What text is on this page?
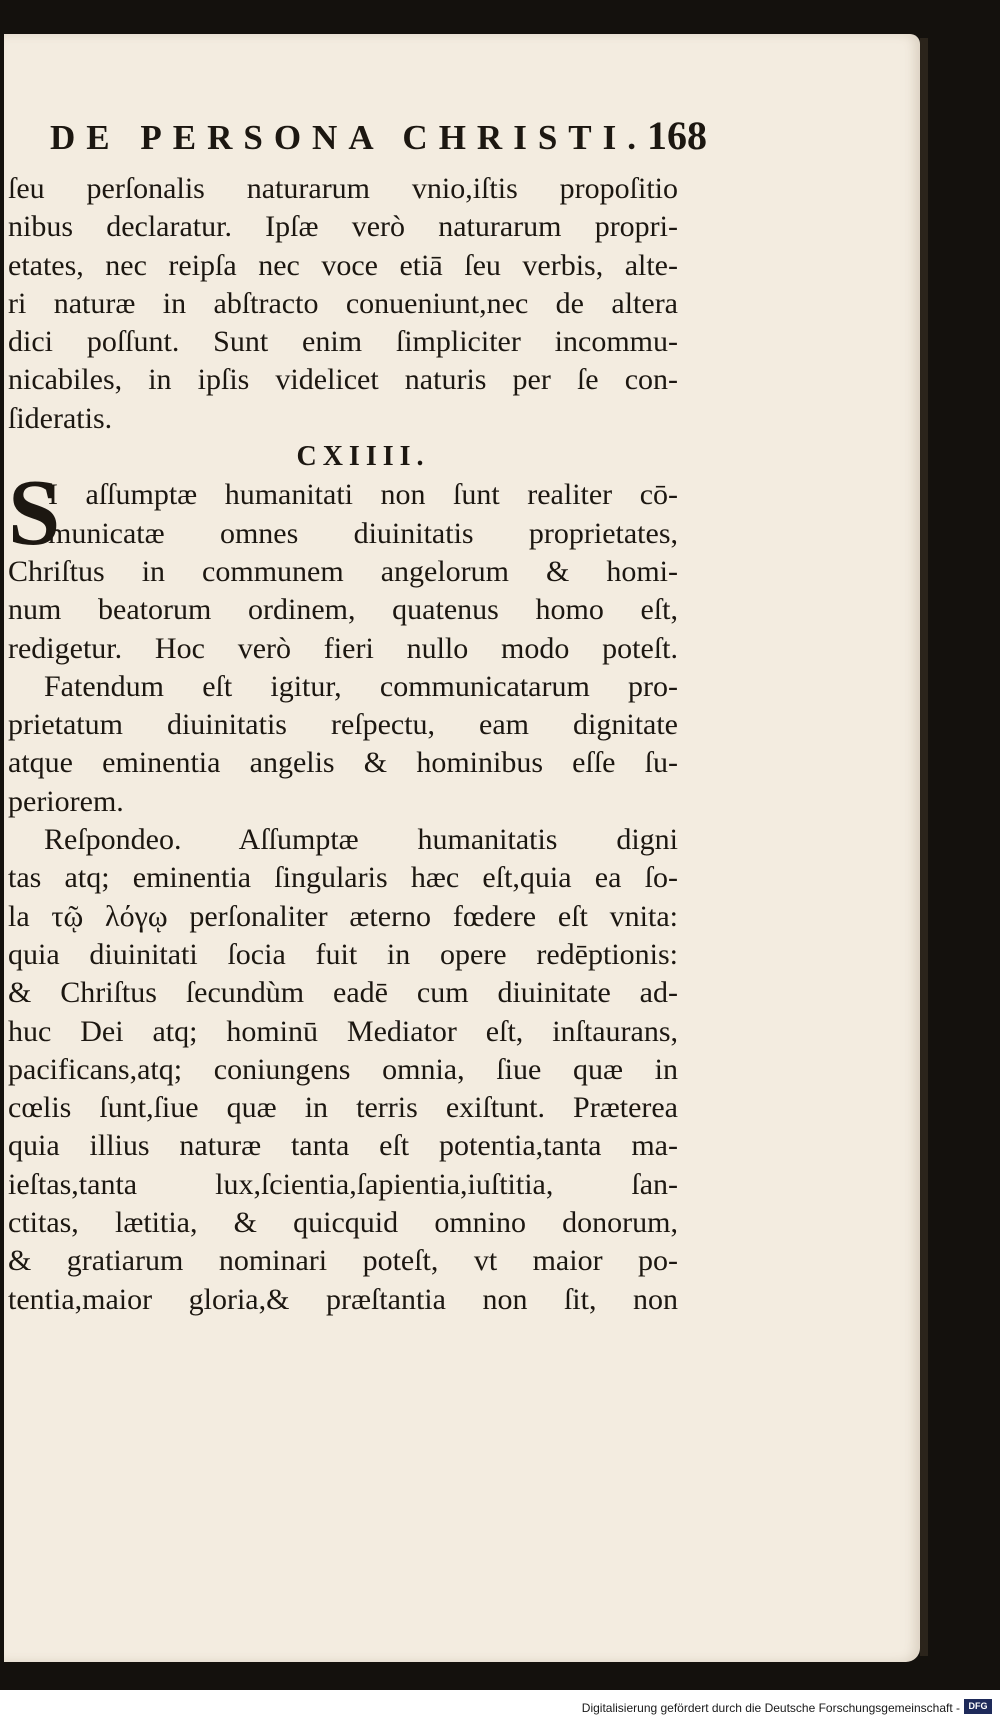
DE PERSONA CHRISTI. 168
ſeu perſonalis naturarum vnio,iſtis propoſitio
nibus declaratur. Ipſæ verò naturarum propri-
etates, nec reipſa nec voce etiā ſeu verbis, alte-
ri naturæ in abſtracto conueniunt,nec de altera
dici poſſunt. Sunt enim ſimpliciter incommu-
nicabiles, in ipſis videlicet naturis per ſe con-
ſideratis.
CXIIII.
S
I aſſumptæ humanitati non ſunt realiter cō-
municatæ omnes diuinitatis proprietates,
Chriſtus in communem angelorum & homi-
num beatorum ordinem, quatenus homo eſt,
redigetur. Hoc verò fieri nullo modo poteſt.
Fatendum eſt igitur, communicatarum pro-
prietatum diuinitatis reſpectu, eam dignitate
atque eminentia angelis & hominibus eſſe ſu-
periorem.
Reſpondeo. Aſſumptæ humanitatis digni
tas atq; eminentia ſingularis hæc eſt,quia ea ſo-
la τῷ λόγῳ perſonaliter æterno fœdere eſt vnita:
quia diuinitati ſocia fuit in opere redēptionis:
& Chriſtus ſecundùm eadē cum diuinitate ad-
huc Dei atq; hominū Mediator eſt, inſtaurans,
pacificans,atq; coniungens omnia, ſiue quæ in
cœlis ſunt,ſiue quæ in terris exiſtunt. Præterea
quia illius naturæ tanta eſt potentia,tanta ma-
ieſtas,tanta lux,ſcientia,ſapientia,iuſtitia, ſan-
ctitas, lætitia, & quicquid omnino donorum,
& gratiarum nominari poteſt, vt maior po-
tentia,maior gloria,& præſtantia non ſit, non
Digitalisierung gefördert durch die Deutsche Forschungsgemeinschaft - DFG
